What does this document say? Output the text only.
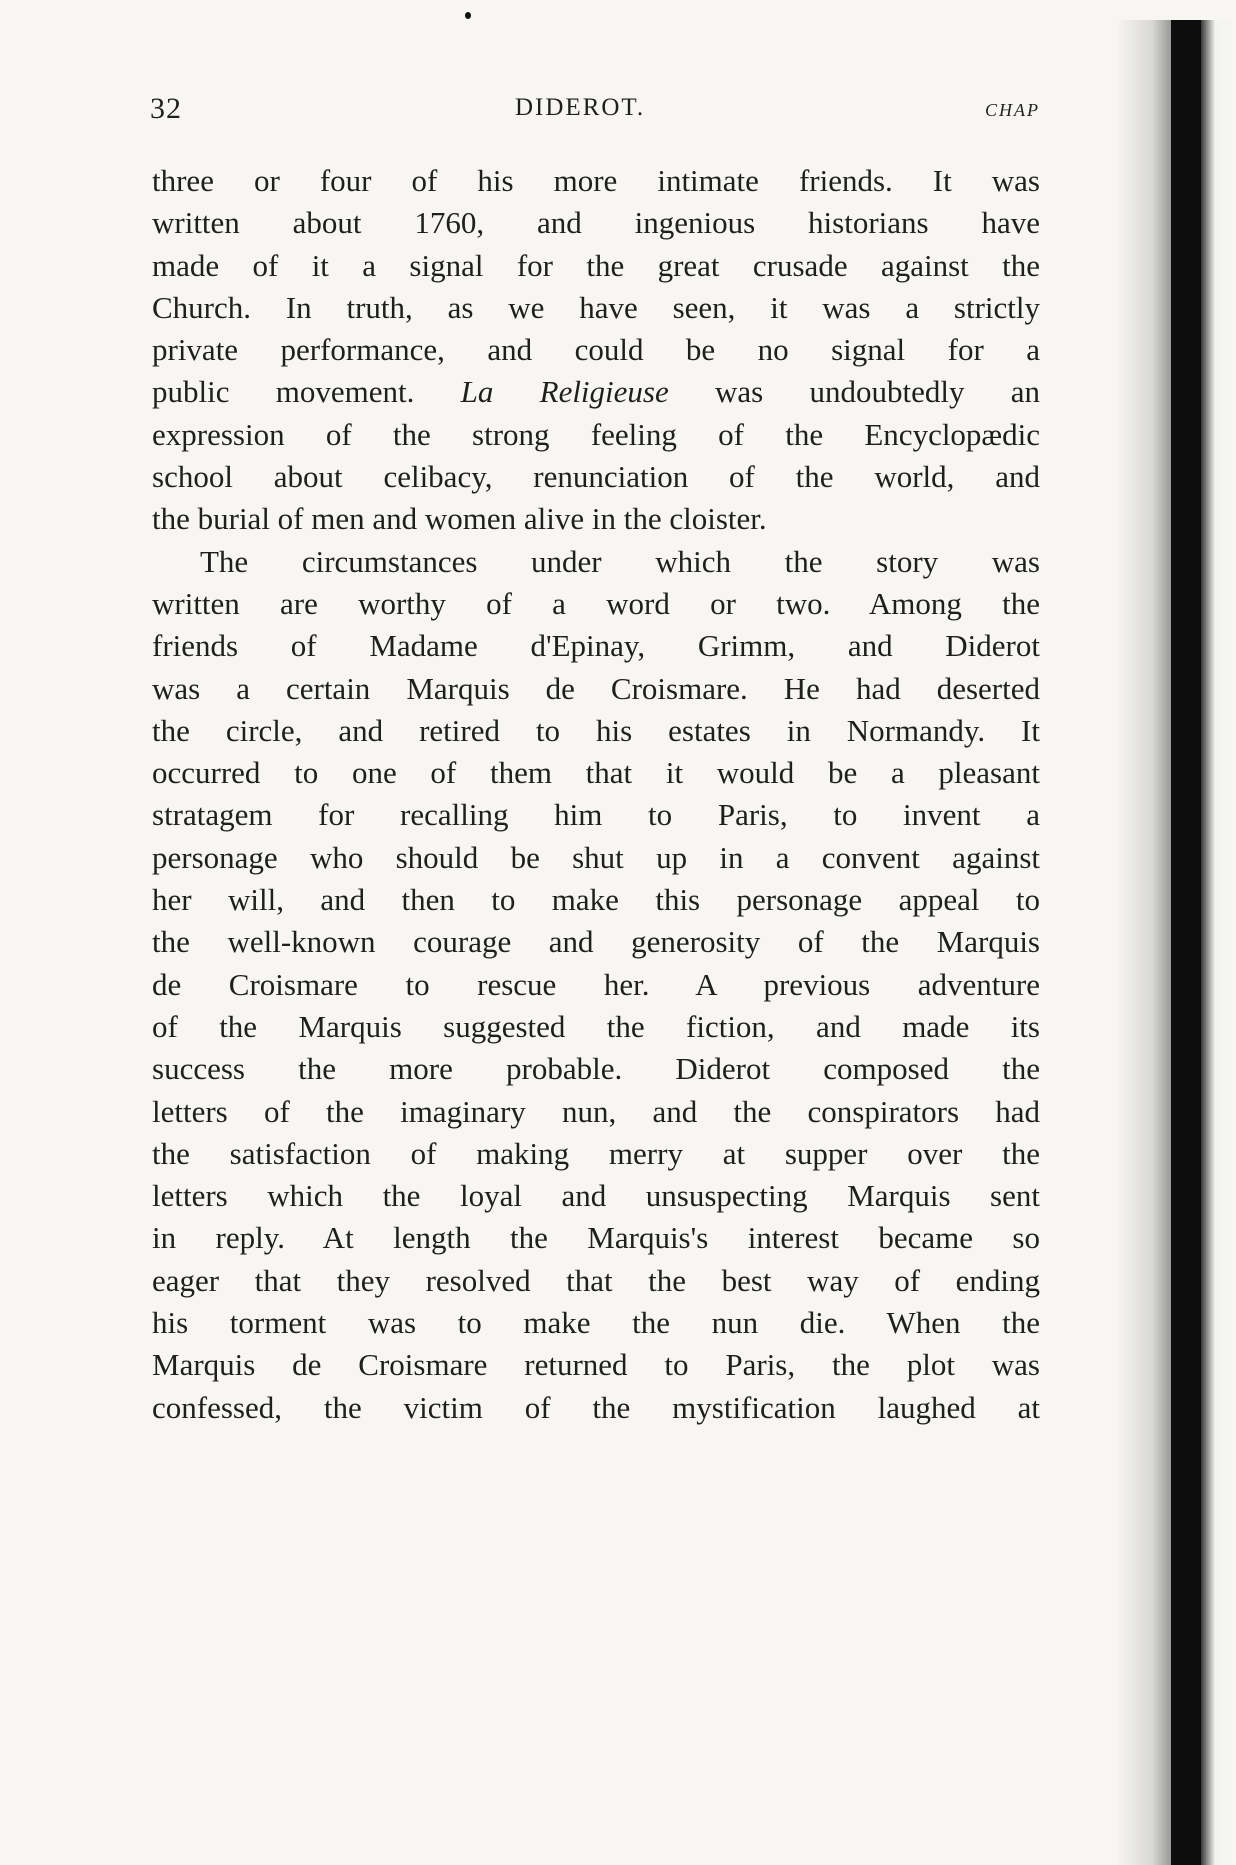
32	DIDEROT.	CHAP
three or four of his more intimate friends. It was
written about 1760, and ingenious historians have
made of it a signal for the great crusade against the
Church. In truth, as we have seen, it was a strictly
private performance, and could be no signal for a
public movement. La Religieuse was undoubtedly an
expression of the strong feeling of the Encyclopædic
school about celibacy, renunciation of the world, and
the burial of men and women alive in the cloister.
The circumstances under which the story was
written are worthy of a word or two. Among the
friends of Madame d'Epinay, Grimm, and Diderot
was a certain Marquis de Croismare. He had deserted
the circle, and retired to his estates in Normandy. It
occurred to one of them that it would be a pleasant
stratagem for recalling him to Paris, to invent a
personage who should be shut up in a convent against
her will, and then to make this personage appeal to
the well-known courage and generosity of the Marquis
de Croismare to rescue her. A previous adventure
of the Marquis suggested the fiction, and made its
success the more probable. Diderot composed the
letters of the imaginary nun, and the conspirators had
the satisfaction of making merry at supper over the
letters which the loyal and unsuspecting Marquis sent
in reply. At length the Marquis's interest became so
eager that they resolved that the best way of ending
his torment was to make the nun die. When the
Marquis de Croismare returned to Paris, the plot was
confessed, the victim of the mystification laughed at
